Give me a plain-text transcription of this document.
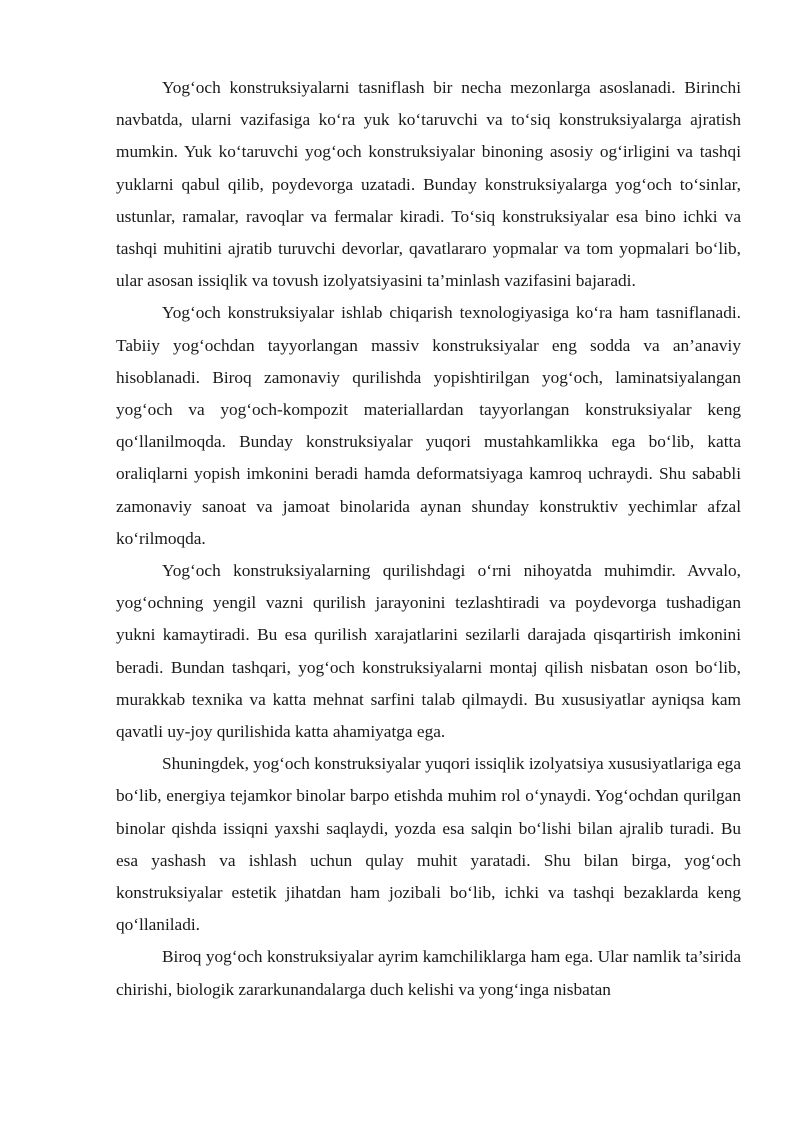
Yog‘och konstruksiyalarni tasniflash bir necha mezonlarga asoslanadi. Birinchi navbatda, ularni vazifasiga ko‘ra yuk ko‘taruvchi va to‘siq konstruksiyalarga ajratish mumkin. Yuk ko‘taruvchi yog‘och konstruksiyalar binoning asosiy og‘irligini va tashqi yuklarni qabul qilib, poydevorga uzatadi. Bunday konstruksiyalarga yog‘och to‘sinlar, ustunlar, ramalar, ravoqlar va fermalar kiradi. To‘siq konstruksiyalar esa bino ichki va tashqi muhitini ajratib turuvchi devorlar, qavatlararo yopmalar va tom yopmalari bo‘lib, ular asosan issiqlik va tovush izolyatsiyasini ta’minlash vazifasini bajaradi.

Yog‘och konstruksiyalar ishlab chiqarish texnologiyasiga ko‘ra ham tasniflanadi. Tabiiy yog‘ochdan tayyorlangan massiv konstruksiyalar eng sodda va an’anaviy hisoblanadi. Biroq zamonaviy qurilishda yopishtirilgan yog‘och, laminatsiyalangan yog‘och va yog‘och-kompozit materiallardan tayyorlangan konstruksiyalar keng qo‘llanilmoqda. Bunday konstruksiyalar yuqori mustahkamlikka ega bo‘lib, katta oraliqlarni yopish imkonini beradi hamda deformatsiyaga kamroq uchraydi. Shu sababli zamonaviy sanoat va jamoat binolarida aynan shunday konstruktiv yechimlar afzal ko‘rilmoqda.

Yog‘och konstruksiyalarning qurilishdagi o‘rni nihoyatda muhimdir. Avvalo, yog‘ochning yengil vazni qurilish jarayonini tezlashtiradi va poydevorga tushadigan yukni kamaytiradi. Bu esa qurilish xarajatlarini sezilarli darajada qisqartirish imkonini beradi. Bundan tashqari, yog‘och konstruksiyalarni montaj qilish nisbatan oson bo‘lib, murakkab texnika va katta mehnat sarfini talab qilmaydi. Bu xususiyatlar ayniqsa kam qavatli uy-joy qurilishida katta ahamiyatga ega.

Shuningdek, yog‘och konstruksiyalar yuqori issiqlik izolyatsiya xususiyatlariga ega bo‘lib, energiya tejamkor binolar barpo etishda muhim rol o‘ynaydi. Yog‘ochdan qurilgan binolar qishda issiqni yaxshi saqlaydi, yozda esa salqin bo‘lishi bilan ajralib turadi. Bu esa yashash va ishlash uchun qulay muhit yaratadi. Shu bilan birga, yog‘och konstruksiyalar estetik jihatdan ham jozibali bo‘lib, ichki va tashqi bezaklarda keng qo‘llaniladi.

Biroq yog‘och konstruksiyalar ayrim kamchiliklarga ham ega. Ular namlik ta’sirida chirishi, biologik zararkunandalarga duch kelishi va yong‘inga nisbatan
